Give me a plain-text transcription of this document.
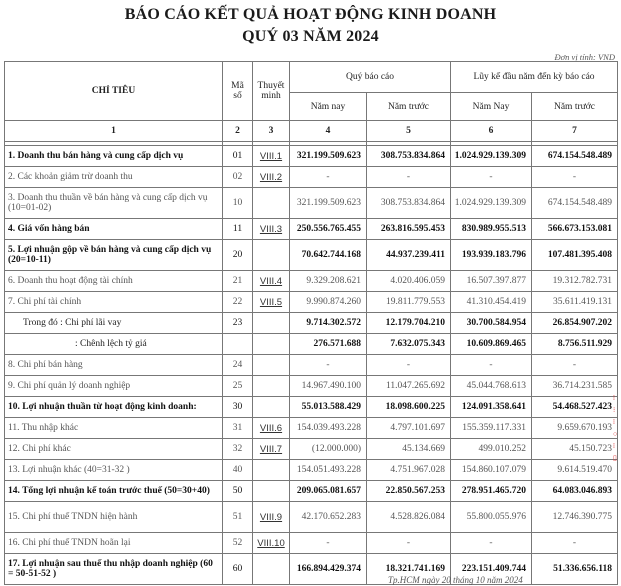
BÁO CÁO KẾT QUẢ HOẠT ĐỘNG KINH DOANH
QUÝ 03 NĂM 2024
Đơn vị tính: VND
CHỈ TIÊU	Mã số	Thuyết minh	Quý báo cáo		Lũy kế đầu năm đến kỳ báo cáo	
			Năm nay	Năm trước	Năm Nay	Năm trước
1	2	3	4	5	6	7

1. Doanh thu bán hàng và cung cấp dịch vụ	01	VIII.1	321.199.509.623	308.753.834.864	1.024.929.139.309	674.154.548.489
2. Các khoản giảm trừ doanh thu	02	VIII.2	-	-	-	-
3. Doanh thu thuần về bán hàng và cung cấp dịch vụ (10=01-02)	10		321.199.509.623	308.753.834.864	1.024.929.139.309	674.154.548.489
4. Giá vốn hàng bán	11	VIII.3	250.556.765.455	263.816.595.453	830.989.955.513	566.673.153.081
5. Lợi nhuận gộp về bán hàng và cung cấp dịch vụ (20=10-11)	20		70.642.744.168	44.937.239.411	193.939.183.796	107.481.395.408
6. Doanh thu hoạt động tài chính	21	VIII.4	9.329.208.621	4.020.406.059	16.507.397.877	19.312.782.731
7. Chi phí tài chính	22	VIII.5	9.990.874.260	19.811.779.553	41.310.454.419	35.611.419.131
Trong đó : Chi phí lãi vay	23		9.714.302.572	12.179.704.210	30.700.584.954	26.854.907.202
: Chênh lệch tỷ giá			276.571.688	7.632.075.343	10.609.869.465	8.756.511.929
8. Chi phí bán hàng	24		-	-	-	-
9. Chi phí quản lý doanh nghiệp	25		14.967.490.100	11.047.265.692	45.044.768.613	36.714.231.585
10. Lợi nhuận thuần từ hoạt động kinh doanh:	30		55.013.588.429	18.098.600.225	124.091.358.641	54.468.527.423
11. Thu nhập khác	31	VIII.6	154.039.493.228	4.797.101.697	155.359.117.331	9.659.670.193
12. Chi phí khác	32	VIII.7	(12.000.000)	45.134.669	499.010.252	45.150.723
13. Lợi nhuận khác (40=31-32 )	40		154.051.493.228	4.751.967.028	154.860.107.079	9.614.519.470
14. Tổng lợi nhuận kế toán trước thuế (50=30+40)	50		209.065.081.657	22.850.567.253	278.951.465.720	64.083.046.893
15. Chi phí thuế TNDN hiện hành	51	VIII.9	42.170.652.283	4.528.826.084	55.800.055.976	12.746.390.775
16. Chi phí thuế TNDN hoãn lại	52	VIII.10	-	-	-	-
17. Lợi nhuận sau thuế thu nhập doanh nghiệp (60 = 50-51-52 )	60		166.894.429.374	18.321.741.169	223.151.409.744	51.336.656.118
Tp.HCM ngày 20 tháng 10 năm 2024
⁞
⁝
⁞
○
⁞
▯
